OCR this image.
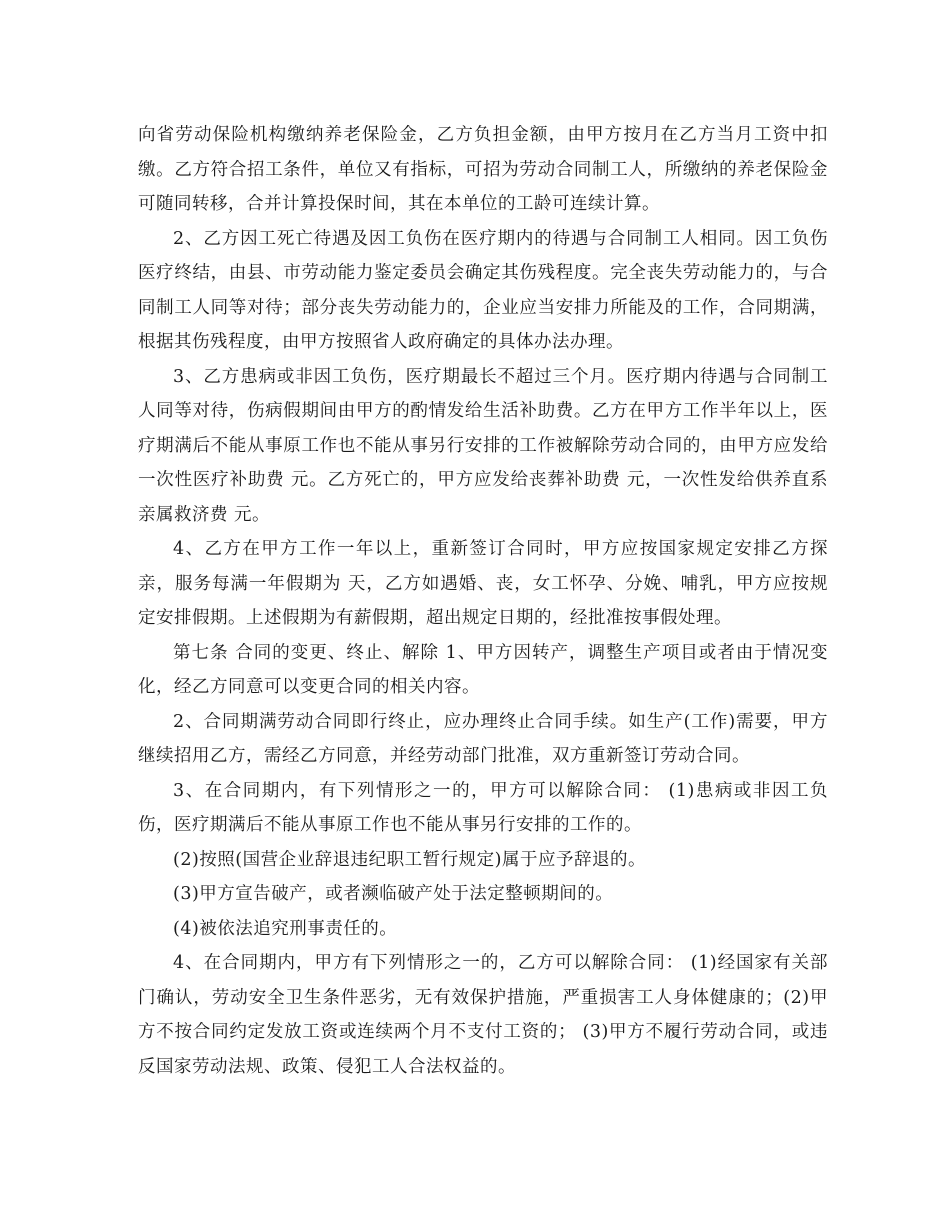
向省劳动保险机构缴纳养老保险金，乙方负担金额，由甲方按月在乙方当月工资中扣缴。乙方符合招工条件，单位又有指标，可招为劳动合同制工人，所缴纳的养老保险金可随同转移，合并计算投保时间，其在本单位的工龄可连续计算。

2、乙方因工死亡待遇及因工负伤在医疗期内的待遇与合同制工人相同。因工负伤医疗终结，由县、市劳动能力鉴定委员会确定其伤残程度。完全丧失劳动能力的，与合同制工人同等对待；部分丧失劳动能力的，企业应当安排力所能及的工作，合同期满，根据其伤残程度，由甲方按照省人政府确定的具体办法办理。

3、乙方患病或非因工负伤，医疗期最长不超过三个月。医疗期内待遇与合同制工人同等对待，伤病假期间由甲方的酌情发给生活补助费。乙方在甲方工作半年以上，医疗期满后不能从事原工作也不能从事另行安排的工作被解除劳动合同的，由甲方应发给一次性医疗补助费 元。乙方死亡的，甲方应发给丧葬补助费 元，一次性发给供养直系亲属救济费 元。

4、乙方在甲方工作一年以上，重新签订合同时，甲方应按国家规定安排乙方探亲，服务每满一年假期为 天，乙方如遇婚、丧，女工怀孕、分娩、哺乳，甲方应按规定安排假期。上述假期为有薪假期，超出规定日期的，经批准按事假处理。

第七条 合同的变更、终止、解除 1、甲方因转产，调整生产项目或者由于情况变化，经乙方同意可以变更合同的相关内容。

2、合同期满劳动合同即行终止，应办理终止合同手续。如生产(工作)需要，甲方继续招用乙方，需经乙方同意，并经劳动部门批准，双方重新签订劳动合同。

3、在合同期内，有下列情形之一的，甲方可以解除合同： (1)患病或非因工负伤，医疗期满后不能从事原工作也不能从事另行安排的工作的。

(2)按照(国营企业辞退违纪职工暂行规定)属于应予辞退的。

(3)甲方宣告破产，或者濒临破产处于法定整顿期间的。

(4)被依法追究刑事责任的。

4、在合同期内，甲方有下列情形之一的，乙方可以解除合同： (1)经国家有关部门确认，劳动安全卫生条件恶劣，无有效保护措施，严重损害工人身体健康的；(2)甲方不按合同约定发放工资或连续两个月不支付工资的； (3)甲方不履行劳动合同，或违反国家劳动法规、政策、侵犯工人合法权益的。
